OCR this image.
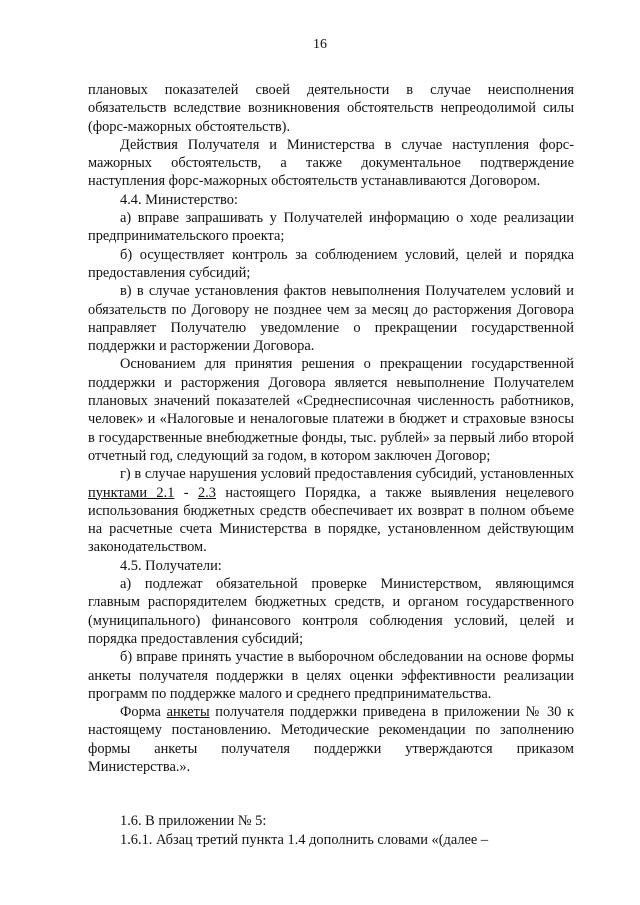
16

плановых показателей своей деятельности в случае неисполнения обязательств вследствие возникновения обстоятельств непреодолимой силы (форс-мажорных обстоятельств).

Действия Получателя и Министерства в случае наступления форс-мажорных обстоятельств, а также документальное подтверждение наступления форс-мажорных обстоятельств устанавливаются Договором.

4.4. Министерство:

а) вправе запрашивать у Получателей информацию о ходе реализации предпринимательского проекта;

б) осуществляет контроль за соблюдением условий, целей и порядка предоставления субсидий;

в) в случае установления фактов невыполнения Получателем условий и обязательств по Договору не позднее чем за месяц до расторжения Договора направляет Получателю уведомление о прекращении государственной поддержки и расторжении Договора.

Основанием для принятия решения о прекращении государственной поддержки и расторжения Договора является невыполнение Получателем плановых значений показателей «Среднесписочная численность работников, человек» и «Налоговые и неналоговые платежи в бюджет и страховые взносы в государственные внебюджетные фонды, тыс. рублей» за первый либо второй отчетный год, следующий за годом, в котором заключен Договор;

г) в случае нарушения условий предоставления субсидий, установленных пунктами 2.1 - 2.3 настоящего Порядка, а также выявления нецелевого использования бюджетных средств обеспечивает их возврат в полном объеме на расчетные счета Министерства в порядке, установленном действующим законодательством.

4.5. Получатели:

а) подлежат обязательной проверке Министерством, являющимся главным распорядителем бюджетных средств, и органом государственного (муниципального) финансового контроля соблюдения условий, целей и порядка предоставления субсидий;

б) вправе принять участие в выборочном обследовании на основе формы анкеты получателя поддержки в целях оценки эффективности реализации программ по поддержке малого и среднего предпринимательства.

Форма анкеты получателя поддержки приведена в приложении № 30 к настоящему постановлению. Методические рекомендации по заполнению формы анкеты получателя поддержки утверждаются приказом Министерства.».

1.6. В приложении № 5:

1.6.1. Абзац третий пункта 1.4 дополнить словами «(далее –
